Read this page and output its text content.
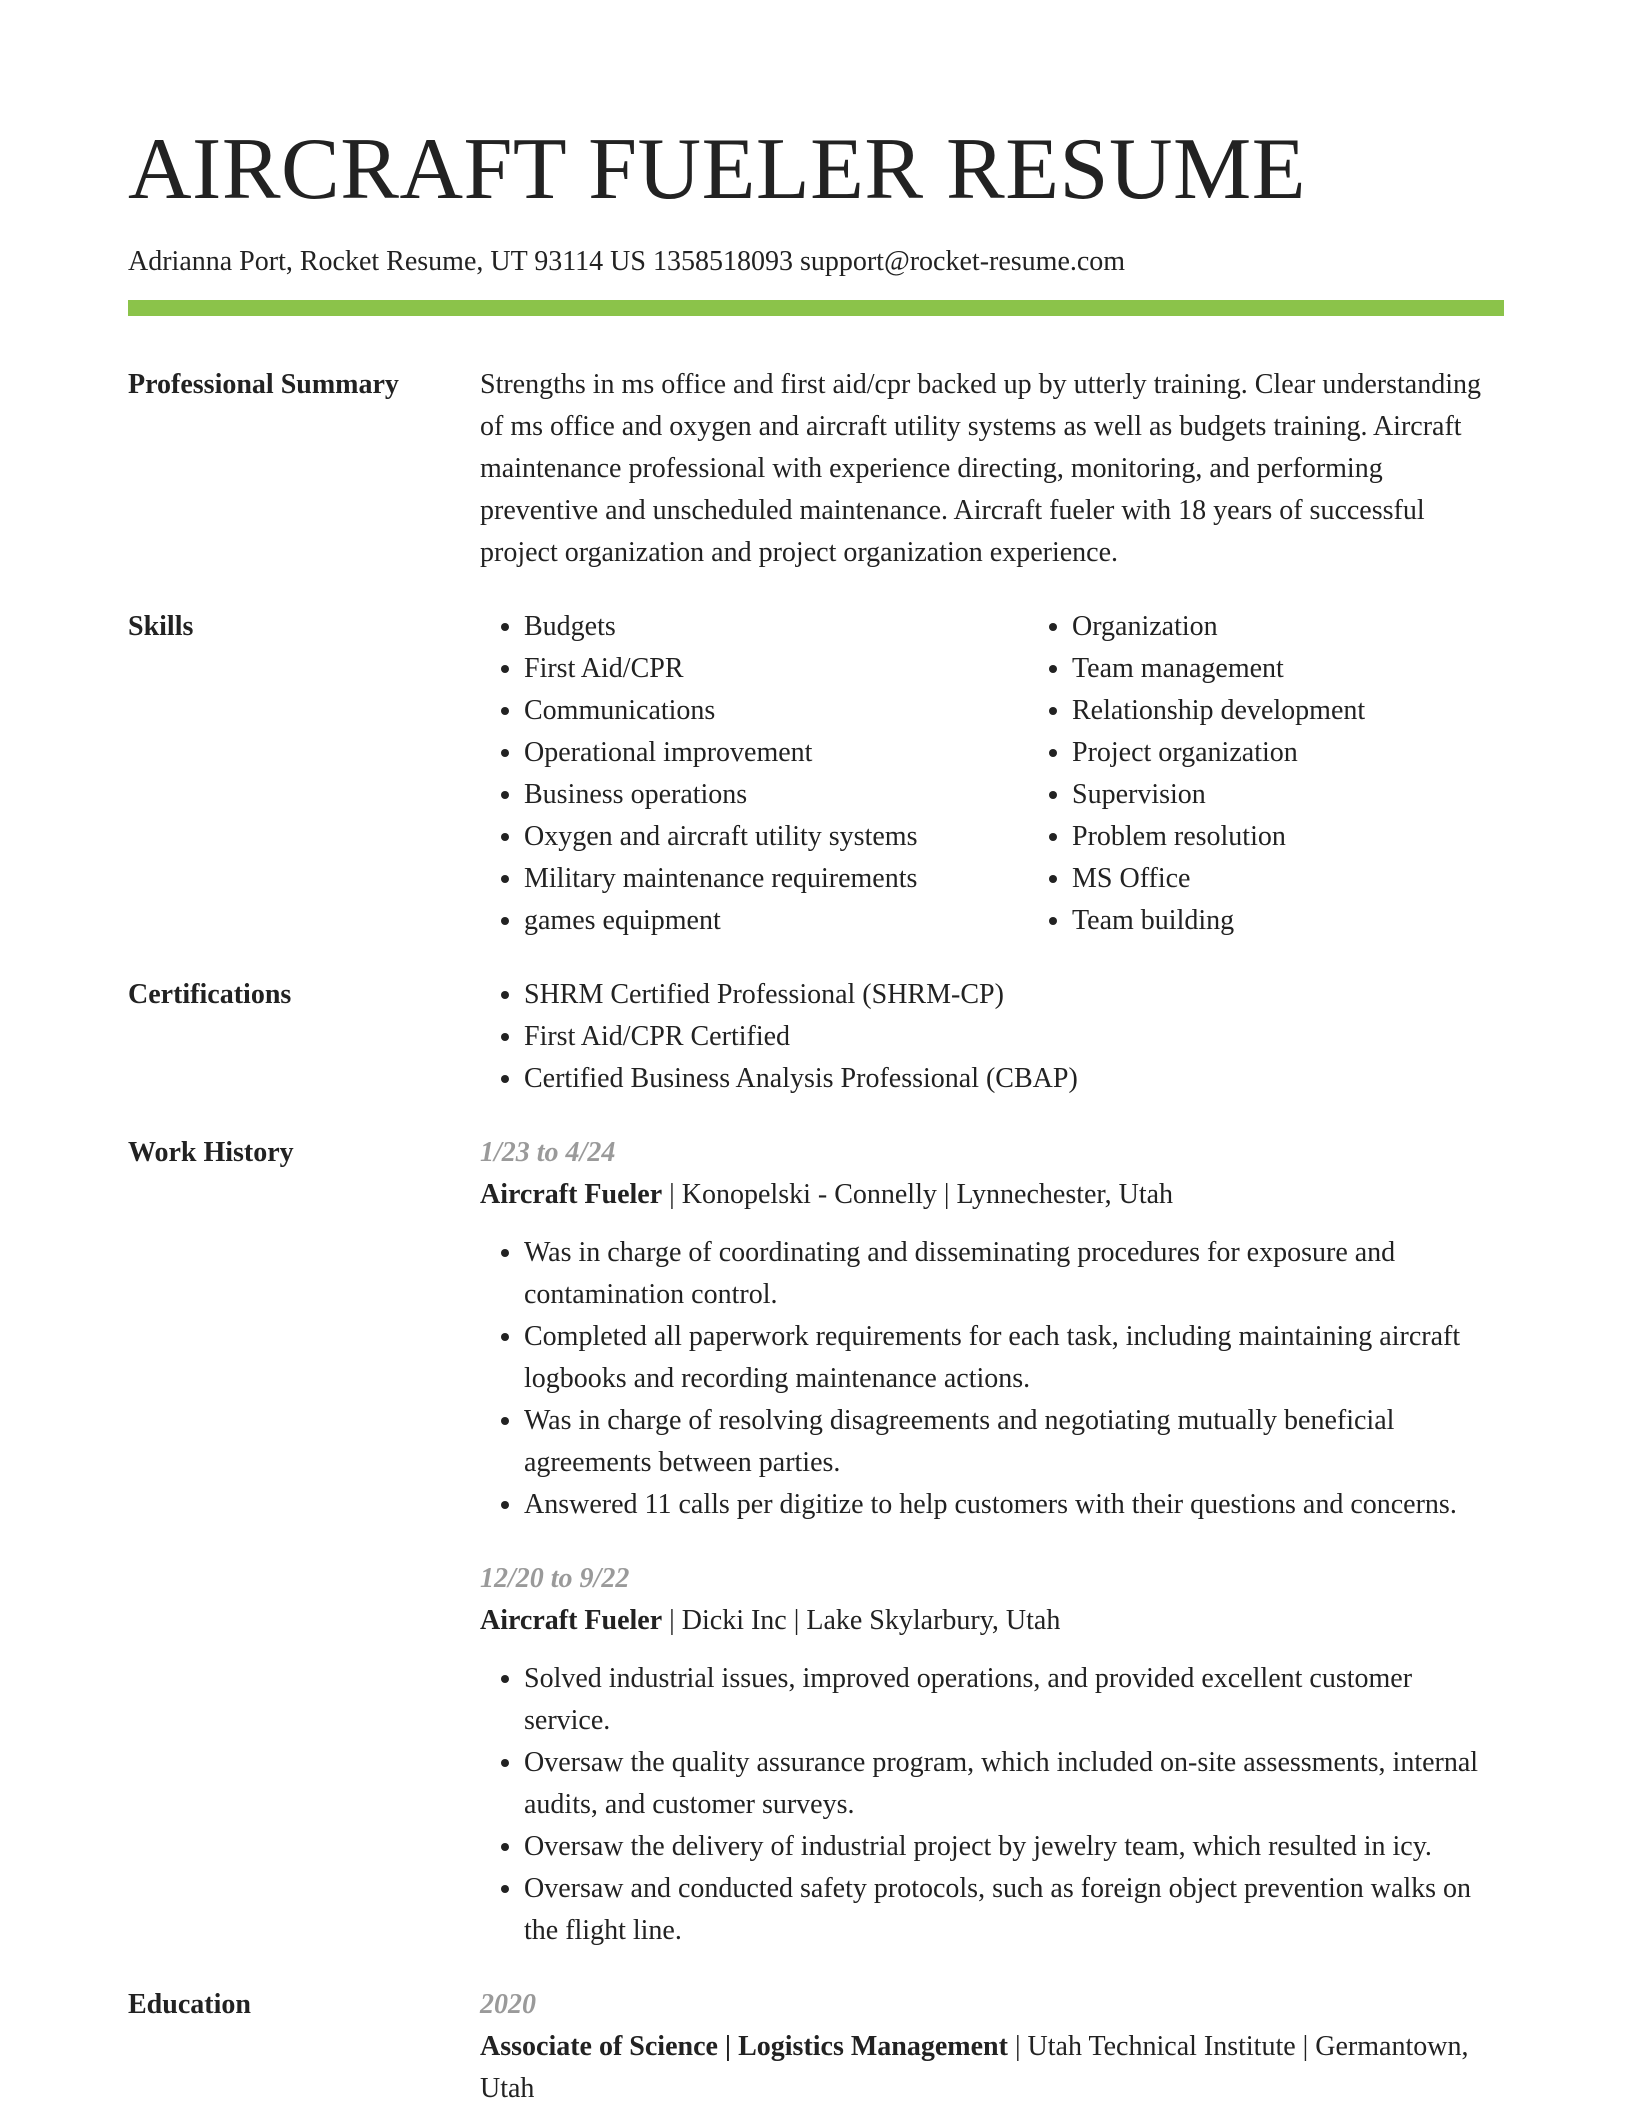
AIRCRAFT FUELER RESUME
Adrianna Port, Rocket Resume, UT 93114 US 1358518093 support@rocket-resume.com
Professional Summary	Strengths in ms office and first aid/cpr backed up by utterly training. Clear understanding of ms office and oxygen and aircraft utility systems as well as budgets training. Aircraft maintenance professional with experience directing, monitoring, and performing preventive and unscheduled maintenance. Aircraft fueler with 18 years of successful project organization and project organization experience.

Skills	• Budgets
• First Aid/CPR
• Communications
• Operational improvement
• Business operations
• Oxygen and aircraft utility systems
• Military maintenance requirements
• games equipment
• Organization
• Team management
• Relationship development
• Project organization
• Supervision
• Problem resolution
• MS Office
• Team building
Certifications	• SHRM Certified Professional (SHRM-CP)
• First Aid/CPR Certified
• Certified Business Analysis Professional (CBAP)
Work History	1/23 to 4/24
Aircraft Fueler | Konopelski - Connelly | Lynnechester, Utah
• Was in charge of coordinating and disseminating procedures for exposure and contamination control.
• Completed all paperwork requirements for each task, including maintaining aircraft logbooks and recording maintenance actions.
• Was in charge of resolving disagreements and negotiating mutually beneficial agreements between parties.
• Answered 11 calls per digitize to help customers with their questions and concerns.
12/20 to 9/22
Aircraft Fueler | Dicki Inc | Lake Skylarbury, Utah
• Solved industrial issues, improved operations, and provided excellent customer service.
• Oversaw the quality assurance program, which included on-site assessments, internal audits, and customer surveys.
• Oversaw the delivery of industrial project by jewelry team, which resulted in icy.
• Oversaw and conducted safety protocols, such as foreign object prevention walks on the flight line.
Education	2020
Associate of Science | Logistics Management | Utah Technical Institute | Germantown, Utah
